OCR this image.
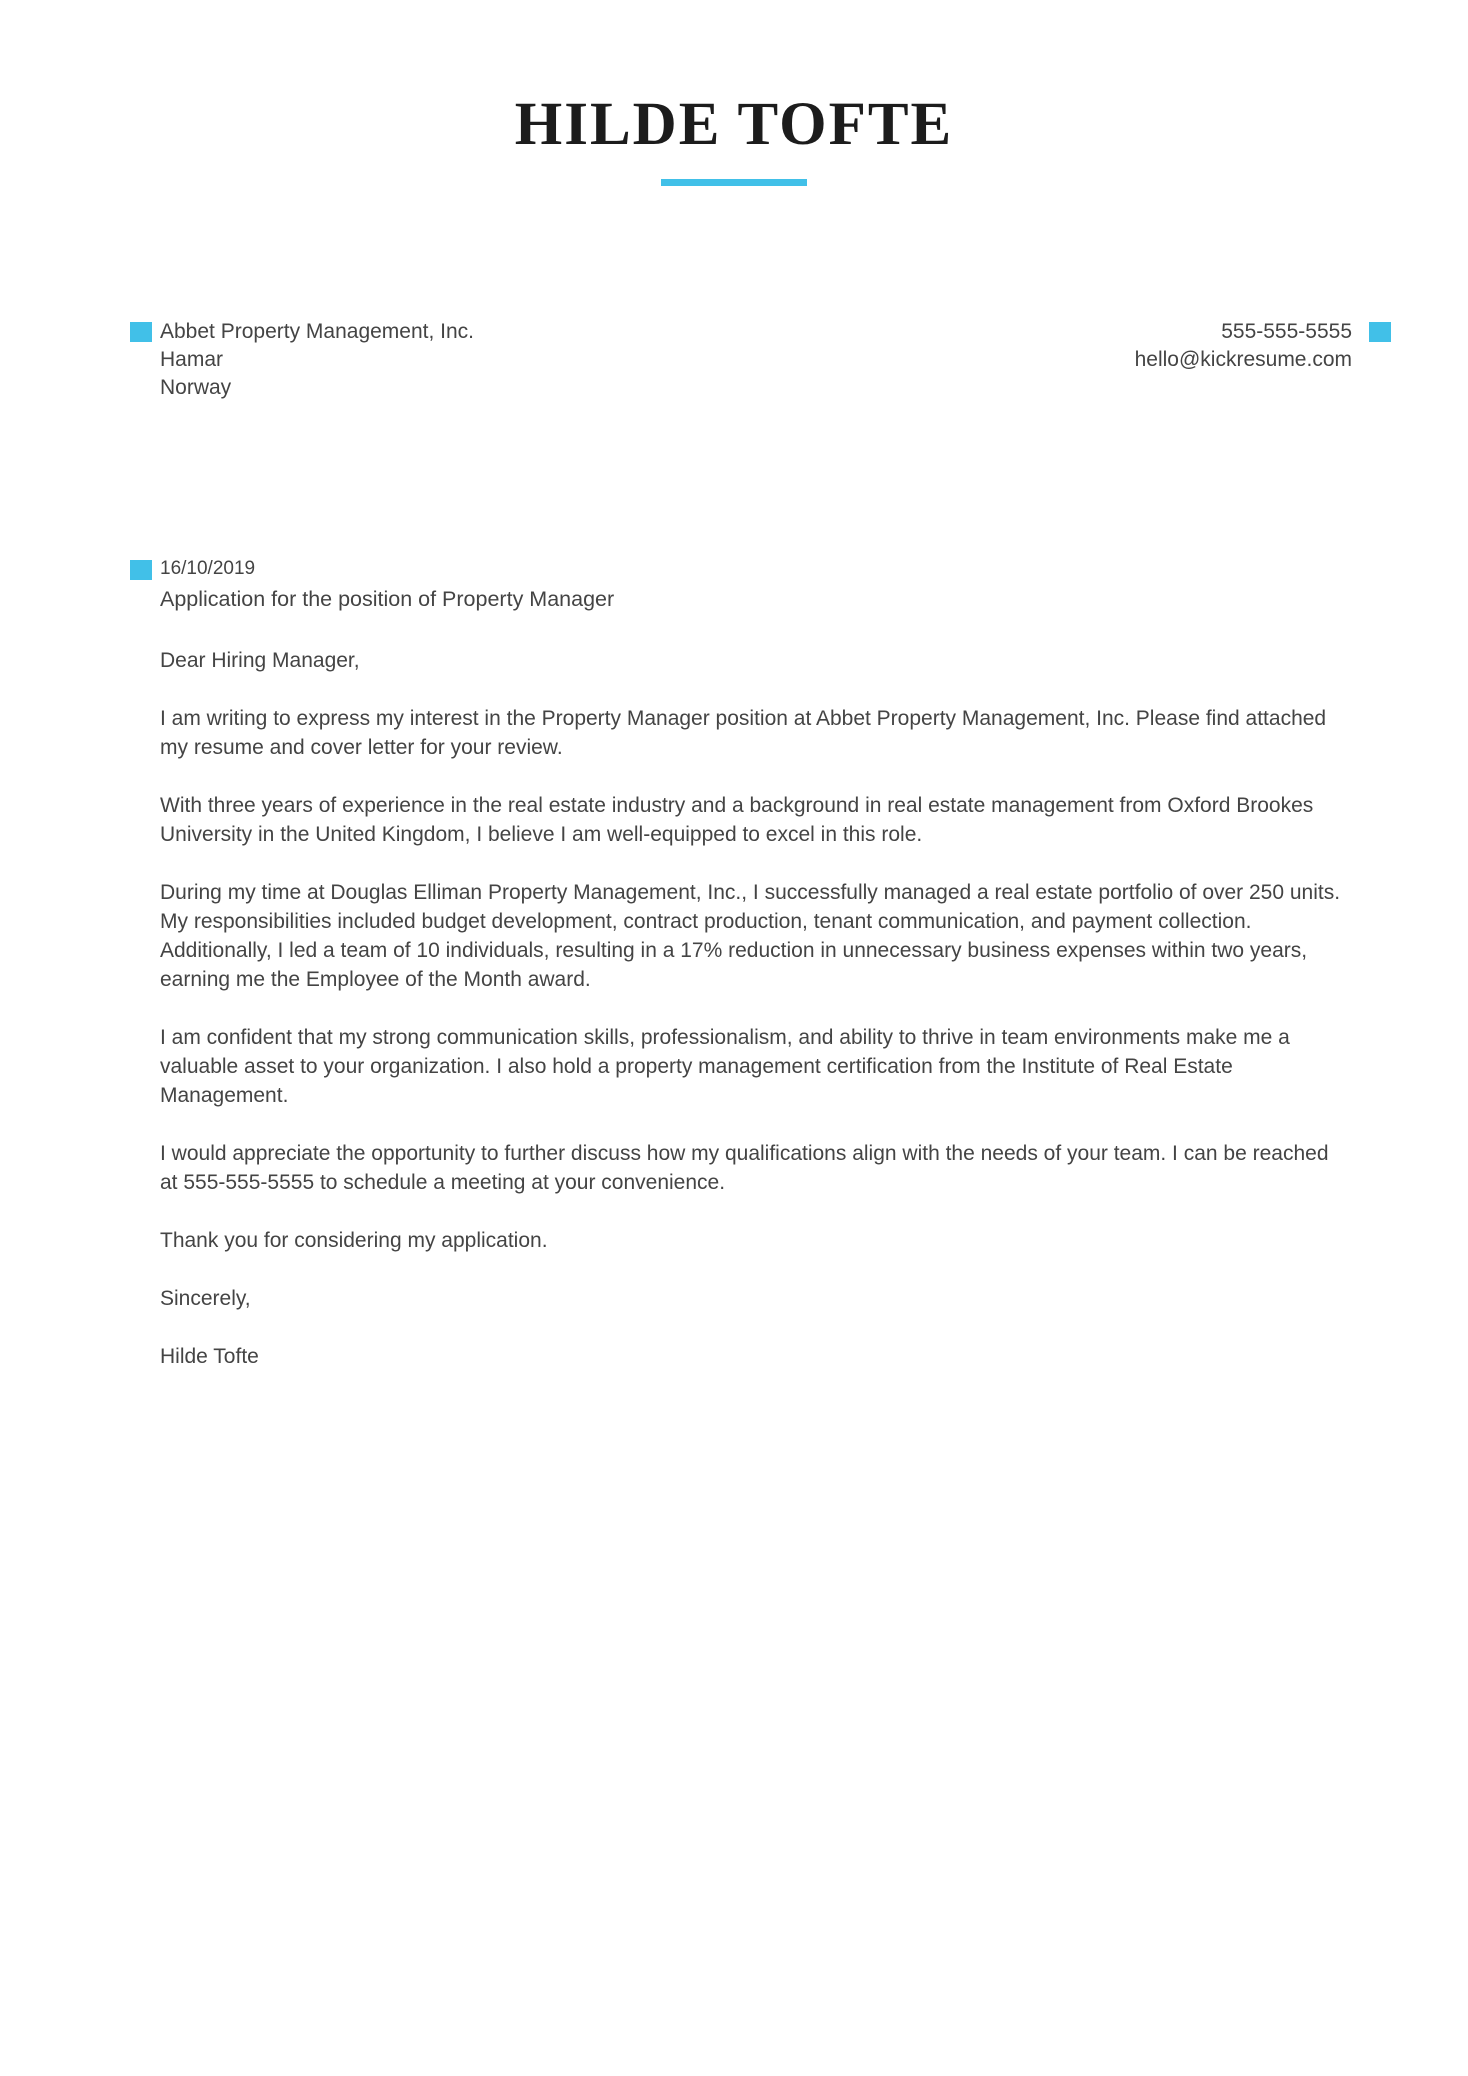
HILDE TOFTE
Abbet Property Management, Inc.
Hamar
Norway
555-555-5555
hello@kickresume.com
16/10/2019
Application for the position of Property Manager

Dear Hiring Manager,

I am writing to express my interest in the Property Manager position at Abbet Property Management, Inc. Please find attached my resume and cover letter for your review.

With three years of experience in the real estate industry and a background in real estate management from Oxford Brookes University in the United Kingdom, I believe I am well-equipped to excel in this role.

During my time at Douglas Elliman Property Management, Inc., I successfully managed a real estate portfolio of over 250 units. My responsibilities included budget development, contract production, tenant communication, and payment collection. Additionally, I led a team of 10 individuals, resulting in a 17% reduction in unnecessary business expenses within two years, earning me the Employee of the Month award.

I am confident that my strong communication skills, professionalism, and ability to thrive in team environments make me a valuable asset to your organization. I also hold a property management certification from the Institute of Real Estate Management.

I would appreciate the opportunity to further discuss how my qualifications align with the needs of your team. I can be reached at 555-555-5555 to schedule a meeting at your convenience.

Thank you for considering my application.

Sincerely,

Hilde Tofte
